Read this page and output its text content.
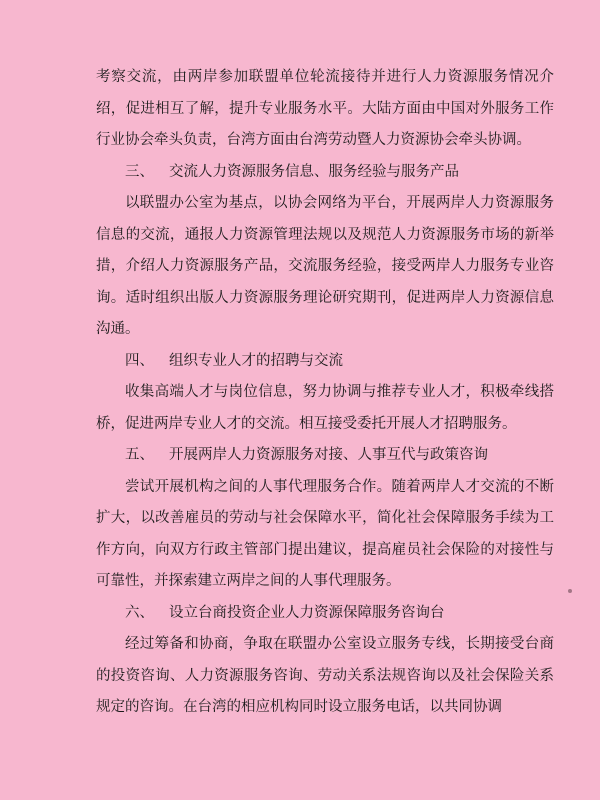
考察交流，由两岸参加联盟单位轮流接待并进行人力资源服务情况介绍，促进相互了解，提升专业服务水平。大陆方面由中国对外服务工作行业协会牵头负责，台湾方面由台湾劳动暨人力资源协会牵头协调。

三、 交流人力资源服务信息、服务经验与服务产品

以联盟办公室为基点，以协会网络为平台，开展两岸人力资源服务信息的交流，通报人力资源管理法规以及规范人力资源服务市场的新举措，介绍人力资源服务产品，交流服务经验，接受两岸人力服务专业咨询。适时组织出版人力资源服务理论研究期刊，促进两岸人力资源信息沟通。

四、 组织专业人才的招聘与交流

收集高端人才与岗位信息，努力协调与推荐专业人才，积极牵线搭桥，促进两岸专业人才的交流。相互接受委托开展人才招聘服务。

五、 开展两岸人力资源服务对接、人事互代与政策咨询

尝试开展机构之间的人事代理服务合作。随着两岸人才交流的不断扩大，以改善雇员的劳动与社会保障水平，简化社会保障服务手续为工作方向，向双方行政主管部门提出建议，提高雇员社会保险的对接性与可靠性，并探索建立两岸之间的人事代理服务。

六、 设立台商投资企业人力资源保障服务咨询台

经过筹备和协商，争取在联盟办公室设立服务专线，长期接受台商的投资咨询、人力资源服务咨询、劳动关系法规咨询以及社会保险关系规定的咨询。在台湾的相应机构同时设立服务电话，以共同协调
